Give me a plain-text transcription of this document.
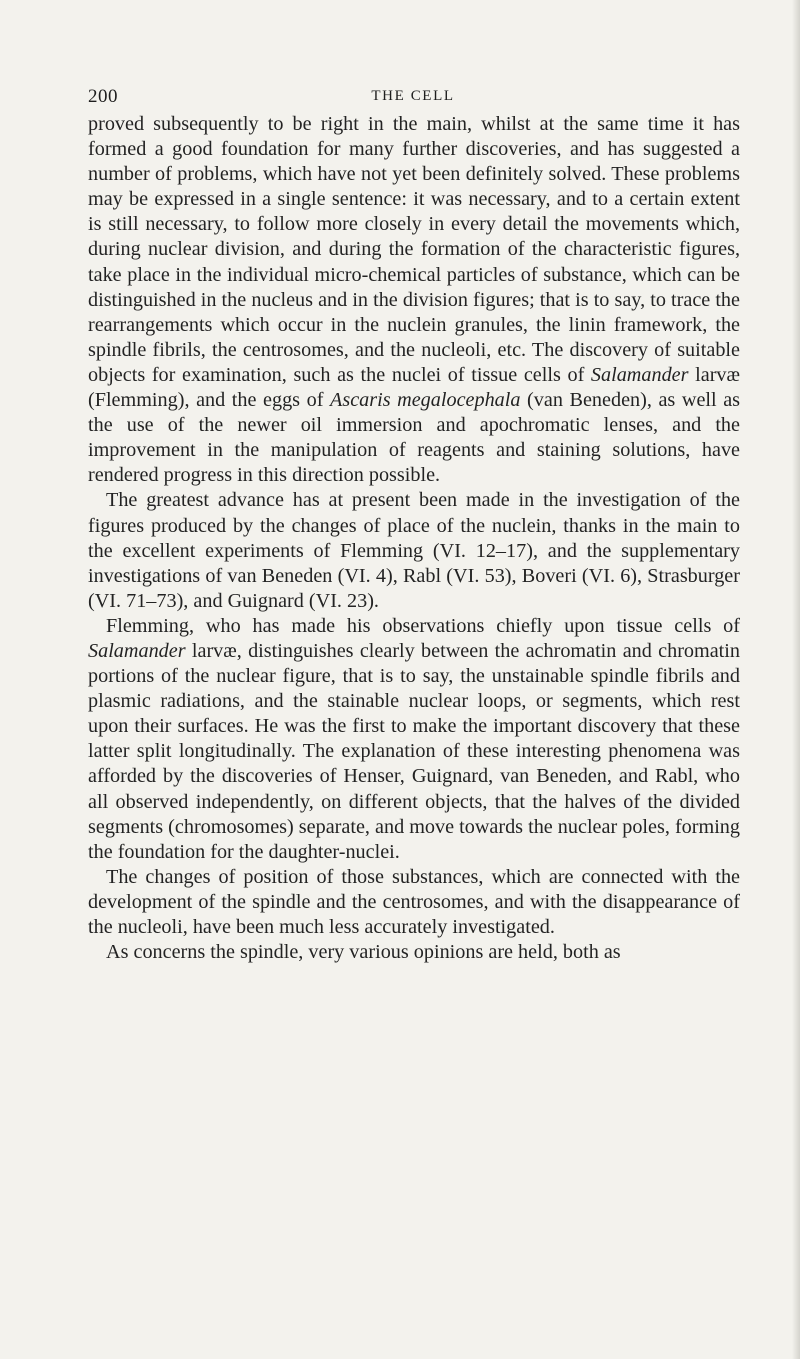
200	THE CELL

proved subsequently to be right in the main, whilst at the same time it has formed a good foundation for many further discoveries, and has suggested a number of problems, which have not yet been definitely solved. These problems may be expressed in a single sentence: it was necessary, and to a certain extent is still necessary, to follow more closely in every detail the movements which, during nuclear division, and during the formation of the characteristic figures, take place in the individual micro-chemical particles of substance, which can be distinguished in the nucleus and in the division figures; that is to say, to trace the rearrangements which occur in the nuclein granules, the linin framework, the spindle fibrils, the centrosomes, and the nucleoli, etc. The discovery of suitable objects for examination, such as the nuclei of tissue cells of Salamander larvæ (Flemming), and the eggs of Ascaris megalocephala (van Beneden), as well as the use of the newer oil immersion and apochromatic lenses, and the improvement in the manipulation of reagents and staining solutions, have rendered progress in this direction possible.

The greatest advance has at present been made in the investigation of the figures produced by the changes of place of the nuclein, thanks in the main to the excellent experiments of Flemming (VI. 12–17), and the supplementary investigations of van Beneden (VI. 4), Rabl (VI. 53), Boveri (VI. 6), Strasburger (VI. 71–73), and Guignard (VI. 23).

Flemming, who has made his observations chiefly upon tissue cells of Salamander larvæ, distinguishes clearly between the achromatin and chromatin portions of the nuclear figure, that is to say, the unstainable spindle fibrils and plasmic radiations, and the stainable nuclear loops, or segments, which rest upon their surfaces. He was the first to make the important discovery that these latter split longitudinally. The explanation of these interesting phenomena was afforded by the discoveries of Henser, Guignard, van Beneden, and Rabl, who all observed independently, on different objects, that the halves of the divided segments (chromosomes) separate, and move towards the nuclear poles, forming the foundation for the daughter-nuclei.

The changes of position of those substances, which are connected with the development of the spindle and the centrosomes, and with the disappearance of the nucleoli, have been much less accurately investigated.

As concerns the spindle, very various opinions are held, both as
